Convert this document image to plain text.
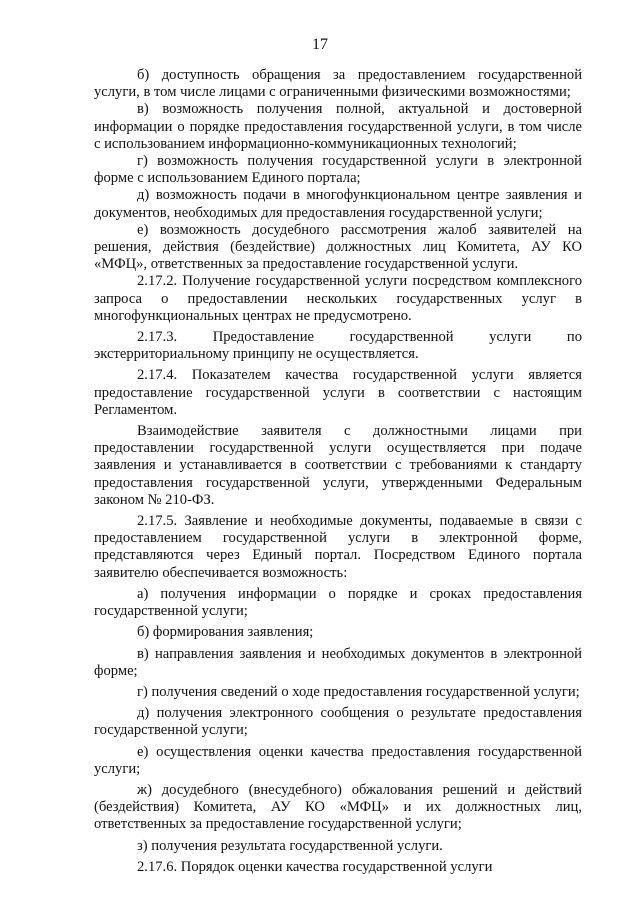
17

б) доступность обращения за предоставлением государственной услуги, в том числе лицами с ограниченными физическими возможностями;

в) возможность получения полной, актуальной и достоверной информации о порядке предоставления государственной услуги, в том числе с использованием информационно-коммуникационных технологий;

г) возможность получения государственной услуги в электронной форме с использованием Единого портала;

д) возможность подачи в многофункциональном центре заявления и документов, необходимых для предоставления государственной услуги;

е) возможность досудебного рассмотрения жалоб заявителей на решения, действия (бездействие) должностных лиц Комитета, АУ КО «МФЦ», ответственных за предоставление государственной услуги.

2.17.2. Получение государственной услуги посредством комплексного запроса о предоставлении нескольких государственных услуг в многофункциональных центрах не предусмотрено.

2.17.3. Предоставление государственной услуги по экстерриториальному принципу не осуществляется.

2.17.4. Показателем качества государственной услуги является предоставление государственной услуги в соответствии с настоящим Регламентом.

Взаимодействие заявителя с должностными лицами при предоставлении государственной услуги осуществляется при подаче заявления и устанавливается в соответствии с требованиями к стандарту предоставления государственной услуги, утвержденными Федеральным законом № 210-ФЗ.

2.17.5. Заявление и необходимые документы, подаваемые в связи с предоставлением государственной услуги в электронной форме, представляются через Единый портал. Посредством Единого портала заявителю обеспечивается возможность:

а) получения информации о порядке и сроках предоставления государственной услуги;

б) формирования заявления;

в) направления заявления и необходимых документов в электронной форме;

г) получения сведений о ходе предоставления государственной услуги;

д) получения электронного сообщения о результате предоставления государственной услуги;

е) осуществления оценки качества предоставления государственной услуги;

ж) досудебного (внесудебного) обжалования решений и действий (бездействия) Комитета, АУ КО «МФЦ» и их должностных лиц, ответственных за предоставление государственной услуги;

з) получения результата государственной услуги.

2.17.6. Порядок оценки качества государственной услуги
